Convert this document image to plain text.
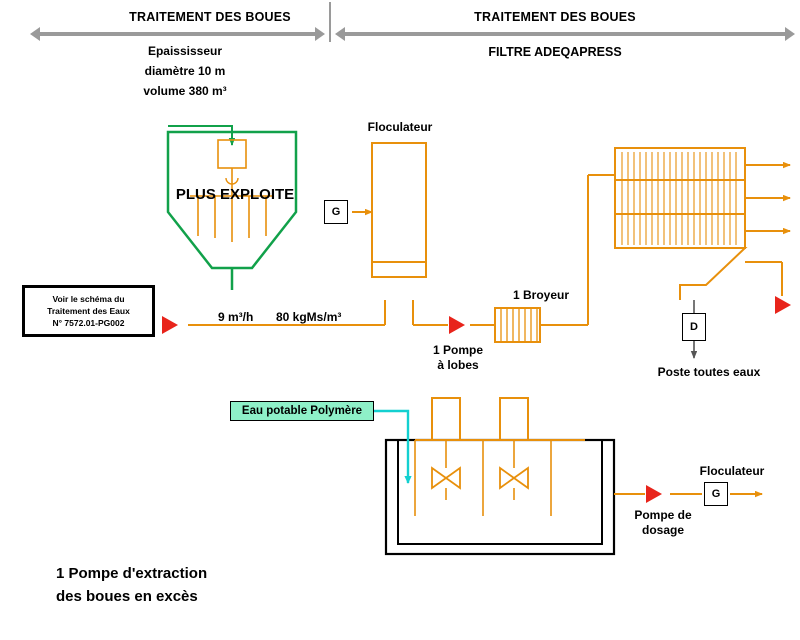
TRAITEMENT DES BOUES	TRAITEMENT DES BOUES
FILTRE ADEQAPRESS
Epaississeur
diamètre 10 m
volume 380 m³
PLUS EXPLOITE
Voir le schéma du
Traitement des Eaux
N° 7572.01-PG002
G
D
G
9 m³/h 80 kgMs/m³
Floculateur
1 Pompe
à lobes
1 Broyeur
Poste toutes eaux
Pompe de
dosage
Floculateur
Eau potable Polymère
1 Pompe d'extraction
des boues en excès
